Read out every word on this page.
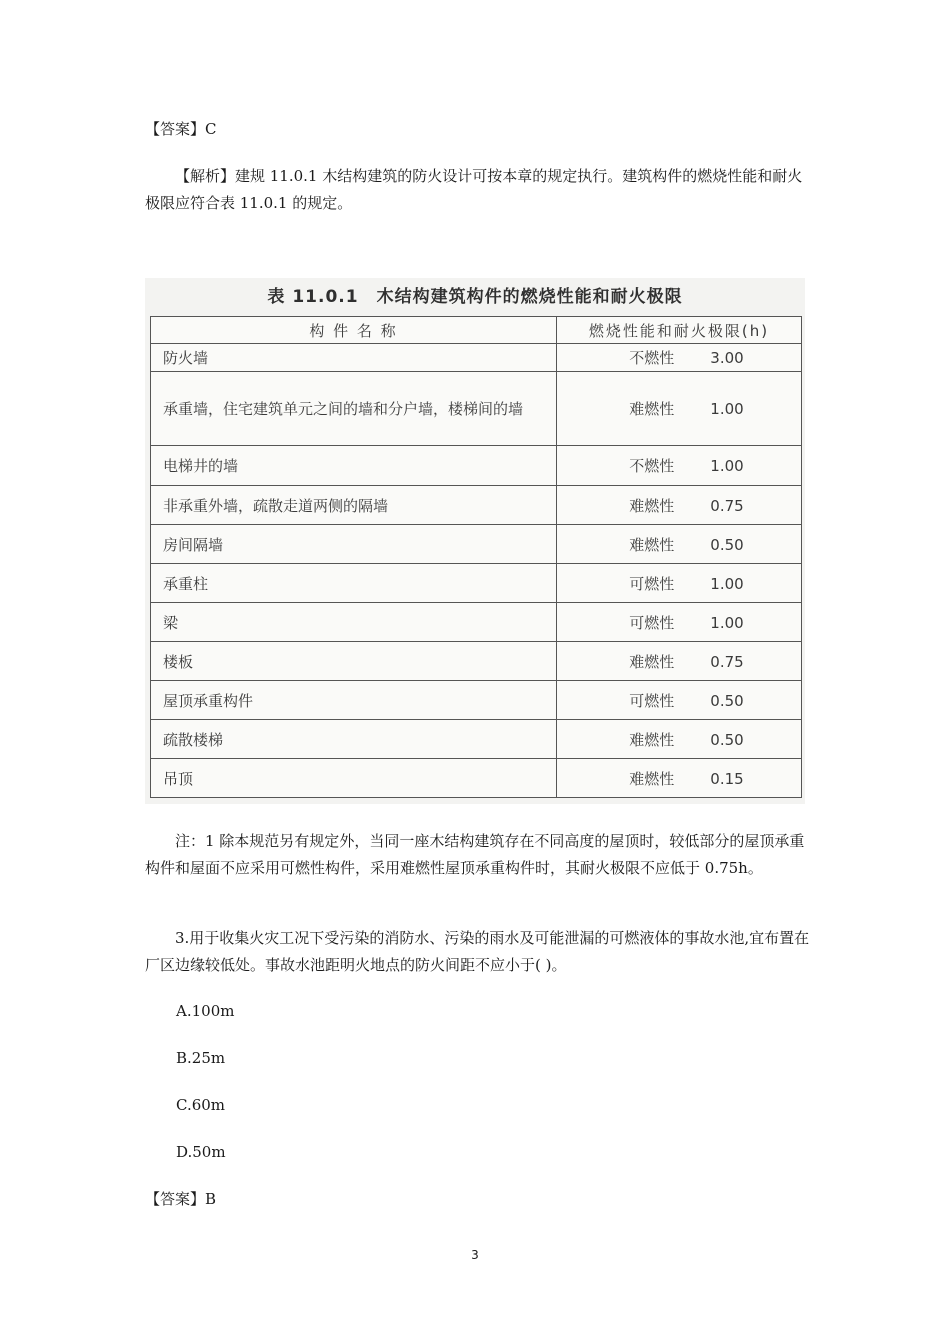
【答案】C

【解析】建规 11.0.1 木结构建筑的防火设计可按本章的规定执行。建筑构件的燃烧性能和耐火极限应符合表 11.0.1 的规定。

表 11.0.1　木结构建筑构件的燃烧性能和耐火极限
构 件 名 称	燃烧性能和耐火极限(h)
防火墙	不燃性 3.00
承重墙，住宅建筑单元之间的墙和分户墙，楼梯间的墙	难燃性 1.00
电梯井的墙	不燃性 1.00
非承重外墙，疏散走道两侧的隔墙	难燃性 0.75
房间隔墙	难燃性 0.50
承重柱	可燃性 1.00
梁	可燃性 1.00
楼板	难燃性 0.75
屋顶承重构件	可燃性 0.50
疏散楼梯	难燃性 0.50
吊顶	难燃性 0.15

注：1 除本规范另有规定外，当同一座木结构建筑存在不同高度的屋顶时，较低部分的屋顶承重构件和屋面不应采用可燃性构件，采用难燃性屋顶承重构件时，其耐火极限不应低于 0.75h。

3.用于收集火灾工况下受污染的消防水、污染的雨水及可能泄漏的可燃液体的事故水池,宜布置在厂区边缘较低处。事故水池距明火地点的防火间距不应小于( )。

A.100m

B.25m

C.60m

D.50m

【答案】B

3
